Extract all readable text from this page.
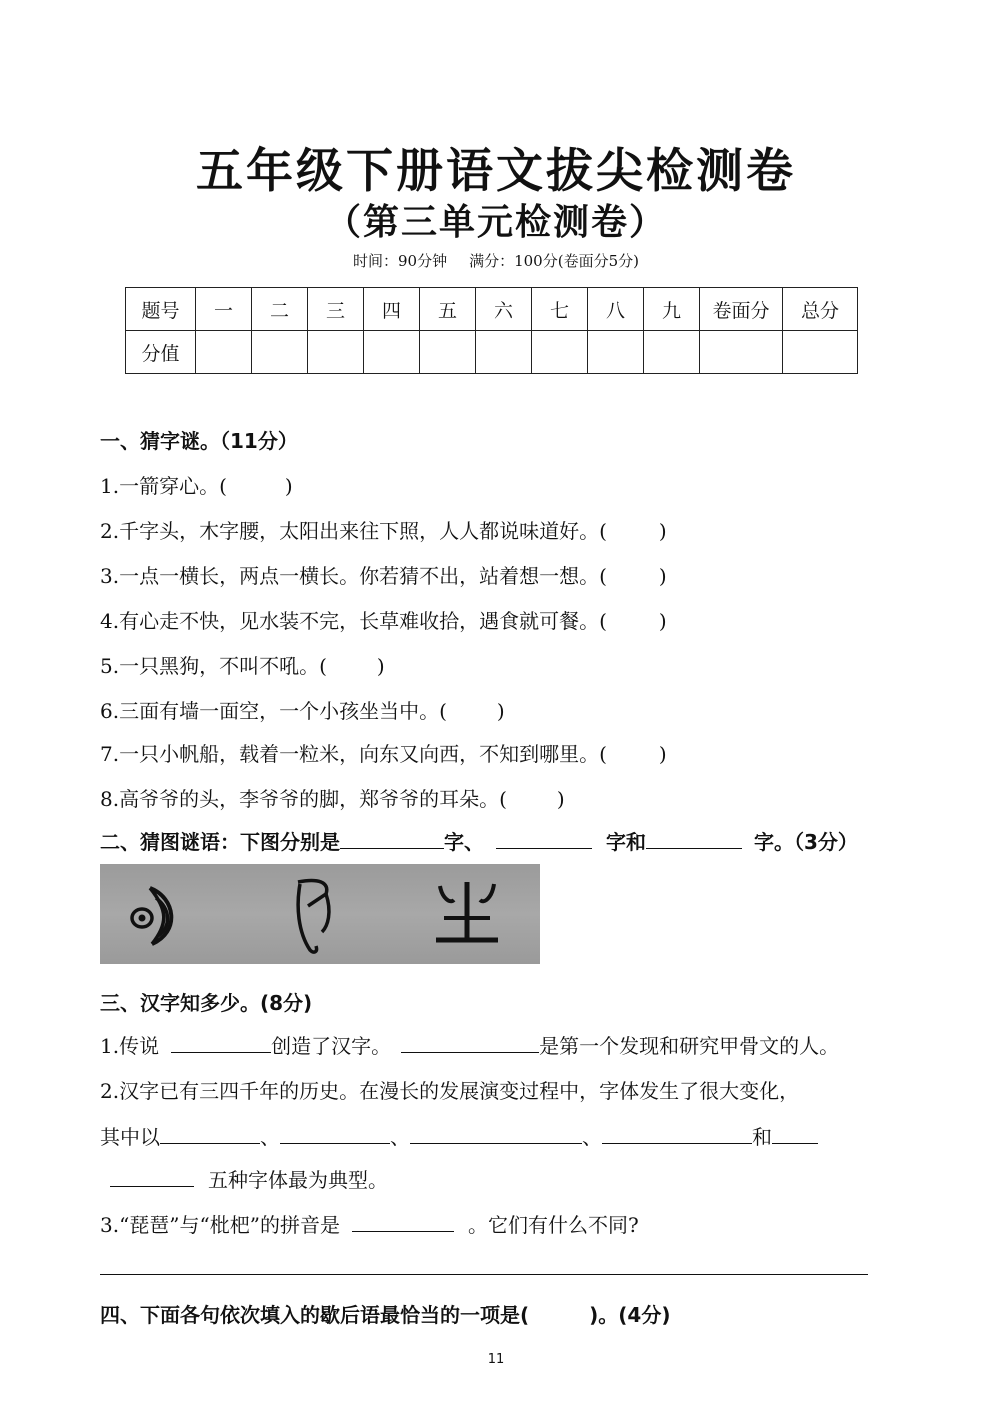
五年级下册语文拔尖检测卷
（第三单元检测卷）
时间：90分钟 满分：100分(卷面分5分)
题号	一	二	三	四	五	六	七	八	九	卷面分	总分
分值											
一、猜字谜。（11分）
1.一箭穿心。(	)
2.千字头，木字腰，太阳出来往下照，人人都说味道好。(	)
3.一点一横长，两点一横长。你若猜不出，站着想一想。(	)
4.有心走不快，见水装不完，长草难收拾，遇食就可餐。(	)
5.一只黑狗，不叫不吼。(	)
6.三面有墙一面空，一个小孩坐当中。(	)
7.一只小帆船，载着一粒米，向东又向西，不知到哪里。(	)
8.高爷爷的头，李爷爷的脚，郑爷爷的耳朵。(	)
二、猜图谜语：下图分别是	字、	字和	字。（3分）
三、汉字知多少。(8分)
1.传说	创造了汉字。	是第一个发现和研究甲骨文的人。
2.汉字已有三四千年的历史。在漫长的发展演变过程中，字体发生了很大变化，
其中以	、	、	、	和
五种字体最为典型。
3.“琵琶”与“枇杷”的拼音是	。它们有什么不同?
四、下面各句依次填入的歇后语最恰当的一项是(	)。(4分)
11
